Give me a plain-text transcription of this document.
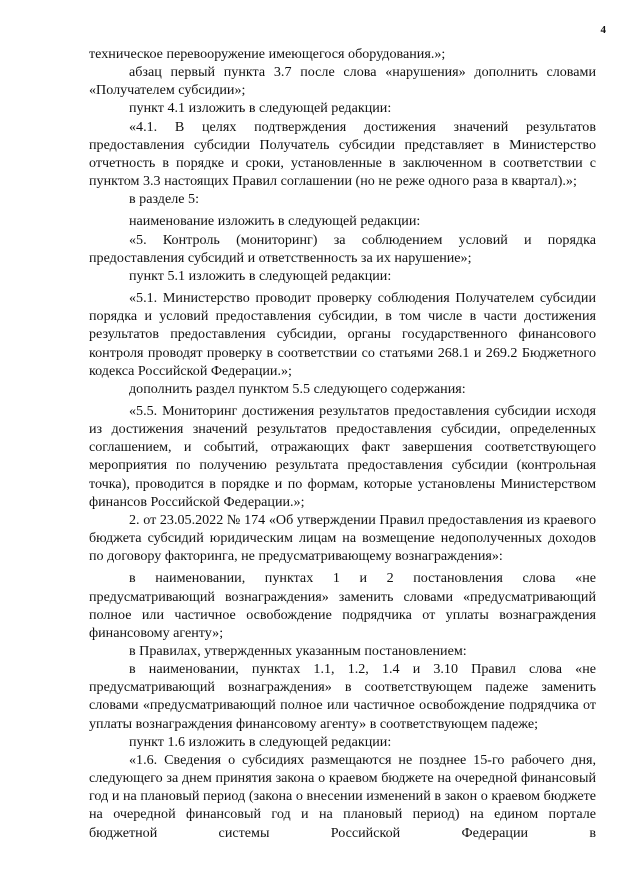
4

техническое перевооружение имеющегося оборудования.»;

абзац первый пункта 3.7 после слова «нарушения» дополнить словами «Получателем субсидии»;

пункт 4.1 изложить в следующей редакции:

«4.1. В целях подтверждения достижения значений результатов предоставления субсидии Получатель субсидии представляет в Министерство отчетность в порядке и сроки, установленные в заключенном в соответствии с пунктом 3.3 настоящих Правил соглашении (но не реже одного раза в квартал).»;

в разделе 5:

наименование изложить в следующей редакции:

«5. Контроль (мониторинг) за соблюдением условий и порядка предоставления субсидий и ответственность за их нарушение»;

пункт 5.1 изложить в следующей редакции:

«5.1. Министерство проводит проверку соблюдения Получателем субсидии порядка и условий предоставления субсидии, в том числе в части достижения результатов предоставления субсидии, органы государственного финансового контроля проводят проверку в соответствии со статьями 268.1 и 269.2 Бюджетного кодекса Российской Федерации.»;

дополнить раздел пунктом 5.5 следующего содержания:

«5.5. Мониторинг достижения результатов предоставления субсидии исходя из достижения значений результатов предоставления субсидии, определенных соглашением, и событий, отражающих факт завершения соответствующего мероприятия по получению результата предоставления субсидии (контрольная точка), проводится в порядке и по формам, которые установлены Министерством финансов Российской Федерации.»;

2. от 23.05.2022 № 174 «Об утверждении Правил предоставления из краевого бюджета субсидий юридическим лицам на возмещение недополученных доходов по договору факторинга, не предусматривающему вознаграждения»:

в наименовании, пунктах 1 и 2 постановления слова «не предусматривающий вознаграждения» заменить словами «предусматривающий полное или частичное освобождение подрядчика от уплаты вознаграждения финансовому агенту»;

в Правилах, утвержденных указанным постановлением:

в наименовании, пунктах 1.1, 1.2, 1.4 и 3.10 Правил слова «не предусматривающий вознаграждения» в соответствующем падеже заменить словами «предусматривающий полное или частичное освобождение подрядчика от уплаты вознаграждения финансовому агенту» в соответствующем падеже;

пункт 1.6 изложить в следующей редакции:

«1.6. Сведения о субсидиях размещаются не позднее 15-го рабочего дня, следующего за днем принятия закона о краевом бюджете на очередной финансовый год и на плановый период (закона о внесении изменений в закон о краевом бюджете на очередной финансовый год и на плановый период) на едином портале бюджетной системы Российской Федерации в
